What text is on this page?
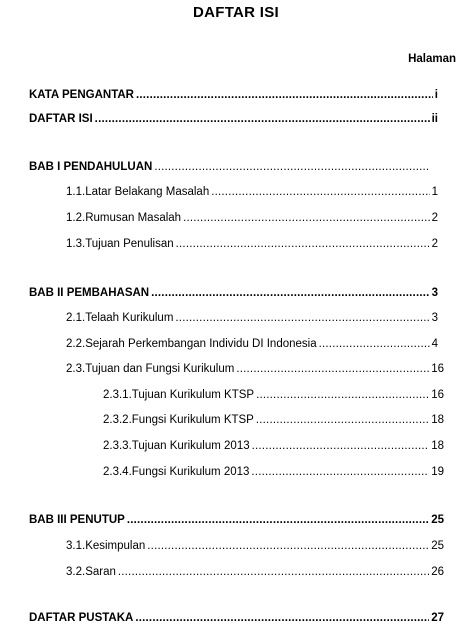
DAFTAR ISI
Halaman
KATA PENGANTAR .....	i
DAFTAR ISI .....	ii
BAB I PENDAHULUAN
.....
1.1. Latar Belakang Masalah .....	1
1.2. Rumusan Masalah .....	2
1.3. Tujuan Penulisan .....	2
BAB II PEMBAHASAN .....	3
2.1. Telaah Kurikulum .....	3
2.2. Sejarah Perkembangan Individu DI Indonesia .....	4
2.3. Tujuan dan Fungsi Kurikulum .....	16
2.3.1. Tujuan Kurikulum KTSP .....	16
2.3.2. Fungsi Kurikulum KTSP .....	18
2.3.3. Tujuan Kurikulum 2013 .....	18
2.3.4. Fungsi Kurikulum 2013 .....	19
BAB III PENUTUP .....	25
3.1. Kesimpulan .....	25
3.2. Saran .....	26
DAFTAR PUSTAKA .....	27
